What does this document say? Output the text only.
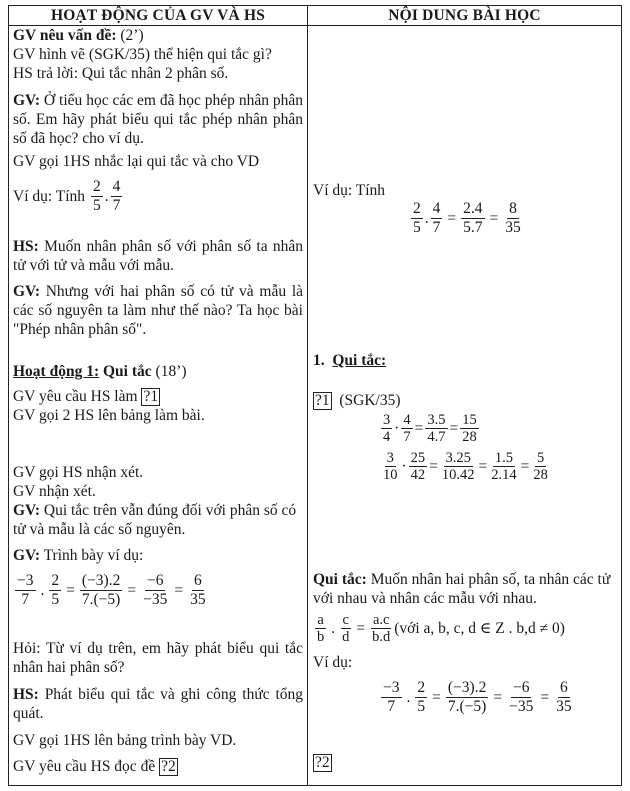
HOẠT ĐỘNG CỦA GV VÀ HS	NỘI DUNG BÀI HỌC

GV nêu vấn đề: (2’)

GV hình vẽ (SGK/35) thể hiện qui tắc gì?

HS trả lời: Qui tắc nhân 2 phân số.

GV: Ở tiểu học các em đã học phép nhân phân số. Em hãy phát biểu qui tắc phép nhân phân số đã học? cho ví dụ.

GV gọi 1HS nhắc lại qui tắc và cho VD

Ví dụ: Tính
$\frac{2}{5}$ . $\frac{4}{7}$

HS: Muốn nhân phân số với phân số ta nhân tử với tử và mẫu với mẫu.

GV: Nhưng với hai phân số có tử và mẫu là các số nguyên ta làm như thế nào? Ta học bài "Phép nhân phân số".

Hoạt động 1: Qui tắc (18’)

GV yêu cầu HS làm ?1

GV gọi 2 HS lên bảng làm bài.

GV gọi HS nhận xét.

GV nhận xét.

GV: Qui tắc trên vẫn đúng đối với phân số có tử và mẫu là các số nguyên.

GV: Trình bày ví dụ:

$\frac{-3}{7}$ . $\frac{2}{5} = \frac{(-3).2}{7.(-5)} = \frac{-6}{-35} = \frac{6}{35}$

Hỏi: Từ ví dụ trên, em hãy phát biểu qui tắc nhân hai phân số?

HS: Phát biểu qui tắc và ghi công thức tổng quát.

GV gọi 1HS lên bảng trình bày VD.

GV yêu cầu HS đọc đề ?2

Ví dụ: Tính

$\frac{2}{5}$ . $\frac{4}{7} = \frac{2.4}{5.7} = \frac{8}{35}$

1. Qui tắc:

?1 (SGK/35)

$\frac{3}{4} \cdot \frac{4}{7} = \frac{3.5}{4.7} = \frac{15}{28}$
$\frac{3}{10} \cdot \frac{25}{42} = \frac{3.25}{10.42} = \frac{1.5}{2.14} = \frac{5}{28}$

Qui tắc: Muốn nhân hai phân số, ta nhân các tử với nhau và nhân các mẫu với nhau.

$\frac{a}{b}$ . $\frac{c}{d} = \frac{a.c}{b.d}$ (với a, b, c, d ∈ Z . b,d ≠ 0)

Ví dụ:

$\frac{-3}{7}$ . $\frac{2}{5} = \frac{(-3).2}{7.(-5)} = \frac{-6}{-35} = \frac{6}{35}$

?2
